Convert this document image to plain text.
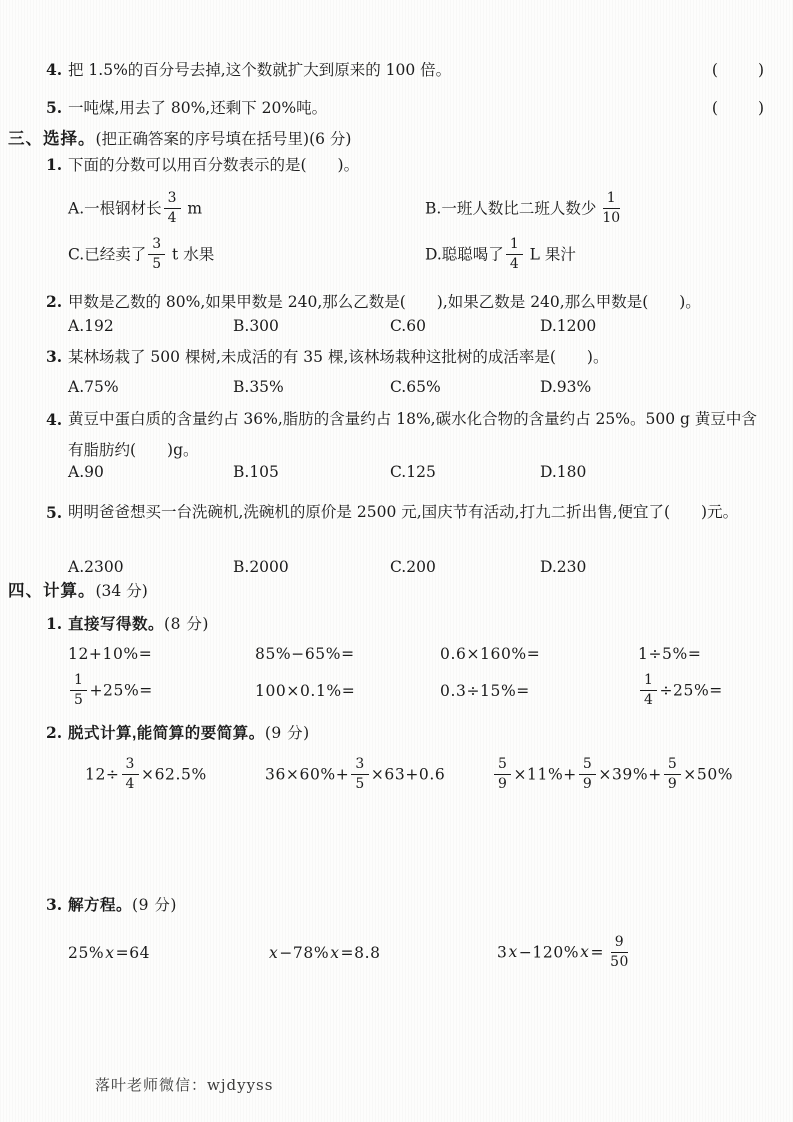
4. 把 1.5%的百分号去掉,这个数就扩大到原来的 100 倍。	(　　)
5. 一吨煤,用去了 80%,还剩下 20%吨。	(　　)
三、选择。(把正确答案的序号填在括号里)(6 分)
1. 下面的分数可以用百分数表示的是(　　)。
A.一根钢材长 $\frac{3}{4}$ m	B.一班人数比二班人数少 $\frac{1}{10}$
C.已经卖了 $\frac{3}{5}$ t 水果	D.聪聪喝了 $\frac{1}{4}$ L 果汁
2. 甲数是乙数的 80%,如果甲数是 240,那么乙数是(　　),如果乙数是 240,那么甲数是(　　)。
A.192	B.300	C.60	D.1200
3. 某林场栽了 500 棵树,未成活的有 35 棵,该林场栽种这批树的成活率是(　　)。
A.75%	B.35%	C.65%	D.93%
4. 黄豆中蛋白质的含量约占 36%,脂肪的含量约占 18%,碳水化合物的含量约占 25%。500 g 黄豆中含有脂肪约(　　)g。
A.90	B.105	C.125	D.180
5. 明明爸爸想买一台洗碗机,洗碗机的原价是 2500 元,国庆节有活动,打九二折出售,便宜了(　　)元。
A.2300	B.2000	C.200	D.230
四、计算。(34 分)
1. 直接写得数。(8 分)
12+10%=	85%−65%=	0.6×160%=	1÷5%=
$\frac{1}{5} +25\%=$	100×0.1%=	0.3÷15%=	$\frac{1}{4} \div 25\%=$
2. 脱式计算,能简算的要简算。(9 分)
$12\div \frac{3}{4} \times 62.5\%$	$36\times 60\%+ \frac{3}{5} \times 63+0.6$	$\frac{5}{9} \times 11\%+ \frac{5}{9} \times 39\%+ \frac{5}{9} \times 50\%$
3. 解方程。(9 分)
25%x=64	x−78%x=8.8	$3x-120\%x= \frac{9}{50}$
落叶老师微信：wjdyyss
